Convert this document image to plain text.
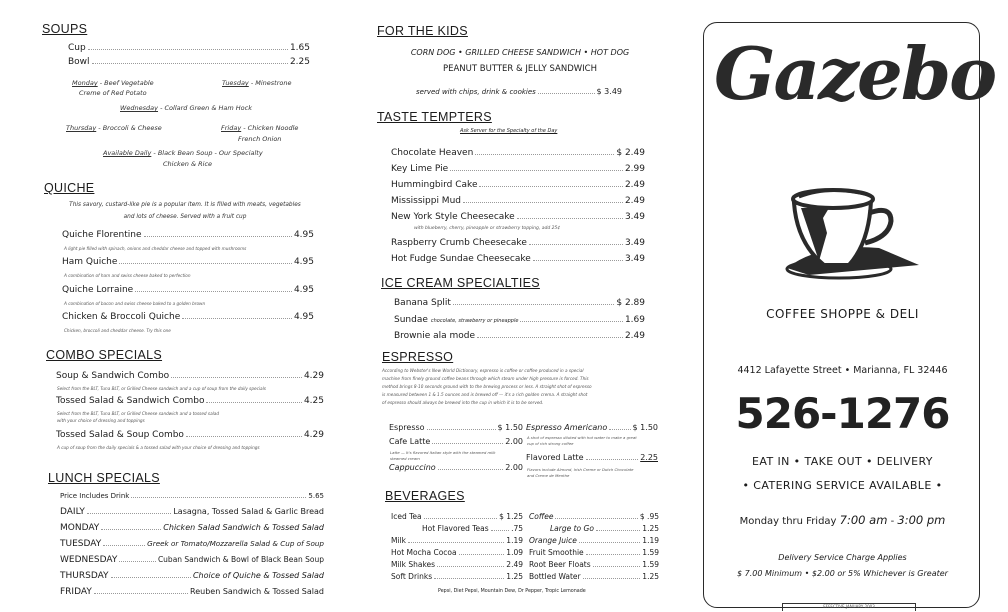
SOUPS
Cup	1.65
Bowl	2.25
Monday - Beef Vegetable
Creme of Red Potato
Tuesday - Minestrone
Wednesday - Collard Green & Ham Hock
Thursday - Broccoli & Cheese	Friday - Chicken Noodle
French Onion
Available Daily - Black Bean Soup - Our Specialty
Chicken & Rice
QUICHE
This savory, custard-like pie is a popular item. It is filled with meats, vegetables
and lots of cheese. Served with a fruit cup
Quiche Florentine	4.95
A light pie filled with spinach, onions and cheddar cheese and topped with mushrooms
Ham Quiche	4.95
A combination of ham and swiss cheese baked to perfection
Quiche Lorraine	4.95
A combination of bacon and swiss cheese baked to a golden brown
Chicken & Broccoli Quiche	4.95
Chicken, broccoli and cheddar cheese. Try this one
COMBO SPECIALS
Soup & Sandwich Combo	4.29
Select from the BLT, Tuna BLT, or Grilled Cheese sandwich and a cup of soup from the daily specials
Tossed Salad & Sandwich Combo	4.25
Select from the BLT, Tuna BLT, or Grilled Cheese sandwich and a tossed salad
with your choice of dressing and toppings
Tossed Salad & Soup Combo	4.29
A cup of soup from the daily specials & a tossed salad with your choice of dressing and toppings
LUNCH SPECIALS
Price Includes Drink	5.65
DAILY	Lasagna, Tossed Salad & Garlic Bread
MONDAY	Chicken Salad Sandwich & Tossed Salad
TUESDAY	Greek or Tomato/Mozzarella Salad & Cup of Soup
WEDNESDAY	Cuban Sandwich & Bowl of Black Bean Soup
THURSDAY	Choice of Quiche & Tossed Salad
FRIDAY	Reuben Sandwich & Tossed Salad
FOR THE KIDS
CORN DOG • GRILLED CHEESE SANDWICH • HOT DOG
PEANUT BUTTER & JELLY SANDWICH
served with chips, drink & cookies	$ 3.49
TASTE TEMPTERS
Ask Server for the Specialty of the Day
Chocolate Heaven	$ 2.49
Key Lime Pie	2.99
Hummingbird Cake	2.49
Mississippi Mud	2.49
New York Style Cheesecake	3.49
with blueberry, cherry, pineapple or strawberry topping, add 25¢
Raspberry Crumb Cheesecake	3.49
Hot Fudge Sundae Cheesecake	3.49
ICE CREAM SPECIALTIES
Banana Split	$ 2.89
Sundae chocolate, strawberry or pineapple	1.69
Brownie ala mode	2.49
ESPRESSO
According to Webster's New World Dictionary, espresso is coffee or coffee produced in a special
machine from finely ground coffee beans through which steam under high pressure is forced. This
method brings 8-10 seconds ground with to the brewing process or less. A straight shot of espresso
is measured between 1 & 1.5 ounces and is brewed off — it's a rich golden crema. A straight shot
of espresso should always be brewed into the cup in which it is to be served.
Espresso	$ 1.50
Cafe Latte	2.00
Latte — It's flavored Italian style with the steamed milk
steamed cream
Cappuccino	2.00
Espresso Americano	$ 1.50
A shot of espresso diluted with hot water to make a great
cup of rich strong coffee
Flavored Latte	2.25
Flavors include Almond, Irish Creme or Dutch Chocolate
and Creme de Menthe
BEVERAGES
Iced Tea	$ 1.25
Hot Flavored Teas	.75
Milk	1.19
Hot Mocha Cocoa	1.09
Milk Shakes	2.49
Soft Drinks	1.25
Coffee	$ .95
Large to Go	1.25
Orange Juice	1.19
Fruit Smoothie	1.59
Root Beer Floats	1.59
Bottled Water	1.25
Pepsi, Diet Pepsi, Mountain Dew, Dr Pepper, Tropic Lemonade
Gazebo
COFFEE SHOPPE & DELI
4412 Lafayette Street • Marianna, FL 32446
526-1276
EAT IN • TAKE OUT • DELIVERY
• CATERING SERVICE AVAILABLE •
Monday thru Friday 7:00 am - 3:00 pm
Delivery Service Charge Applies
$ 7.00 Minimum • $2.00 or 5% Whichever is Greater
EFFECTIVE JANUARY 2003
